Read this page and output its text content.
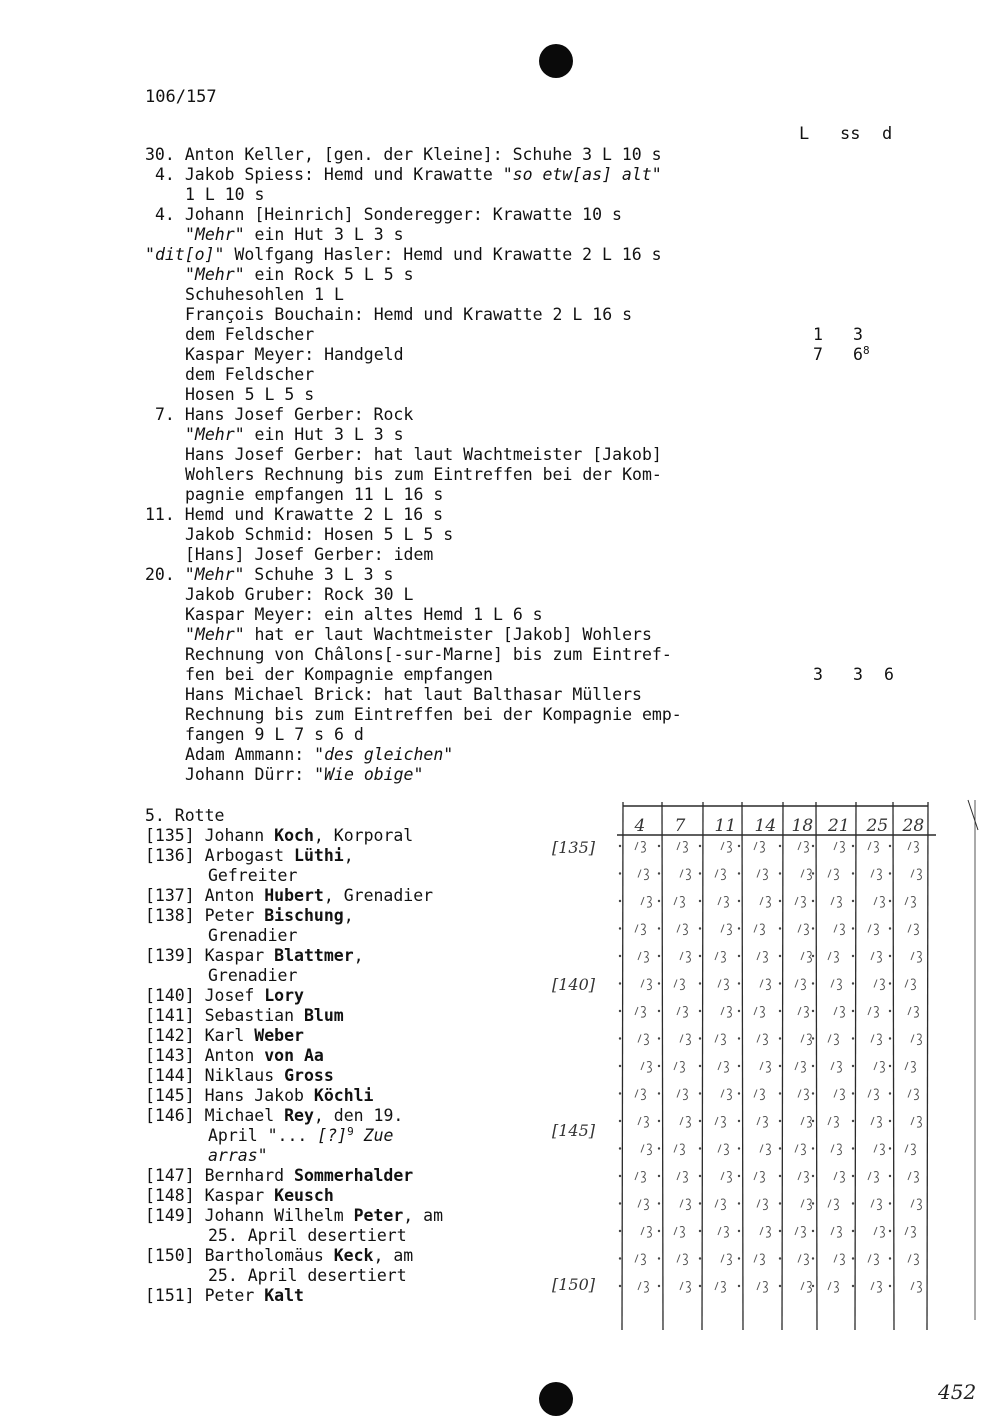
106/157
L ss d
30. Anton Keller, [gen. der Kleine]: Schuhe 3 L 10 s
4. Jakob Spiess: Hemd und Krawatte "so etw[as] alt"
1 L 10 s
4. Johann [Heinrich] Sonderegger: Krawatte 10 s
"Mehr" ein Hut 3 L 3 s
"dit[o]" Wolfgang Hasler: Hemd und Krawatte 2 L 16 s
"Mehr" ein Rock 5 L 5 s
Schuhesohlen 1 L
François Bouchain: Hemd und Krawatte 2 L 16 s
dem Feldscher
Kaspar Meyer: Handgeld
dem Feldscher
Hosen 5 L 5 s
7. Hans Josef Gerber: Rock
"Mehr" ein Hut 3 L 3 s
Hans Josef Gerber: hat laut Wachtmeister [Jakob]
Wohlers Rechnung bis zum Eintreffen bei der Kom-
pagnie empfangen 11 L 16 s
11. Hemd und Krawatte 2 L 16 s
Jakob Schmid: Hosen 5 L 5 s
[Hans] Josef Gerber: idem
20. "Mehr" Schuhe 3 L 3 s
Jakob Gruber: Rock 30 L
Kaspar Meyer: ein altes Hemd 1 L 6 s
"Mehr" hat er laut Wachtmeister [Jakob] Wohlers
Rechnung von Châlons[-sur-Marne] bis zum Eintref-
fen bei der Kompagnie empfangen
Hans Michael Brick: hat laut Balthasar Müllers
Rechnung bis zum Eintreffen bei der Kompagnie emp-
fangen 9 L 7 s 6 d
Adam Ammann: "des gleichen"
Johann Dürr: "Wie obige"
1 3
7 $6^8$
3 3 6
5. Rotte
[135] Johann Koch, Korporal
[136] Arbogast Lüthi,
Gefreiter
[137] Anton Hubert, Grenadier
[138] Peter Bischung,
Grenadier
[139] Kaspar Blattmer,
Grenadier
[140] Josef Lory
[141] Sebastian Blum
[142] Karl Weber
[143] Anton von Aa
[144] Niklaus Gross
[145] Hans Jakob Köchli
[146] Michael Rey, den 19.
April "... [?]$^9$ Zue
arras"
[147] Bernhard Sommerhalder
[148] Kaspar Keusch
[149] Johann Wilhelm Peter, am
25. April desertiert
[150] Bartholomäus Keck, am
25. April desertiert
[151] Peter Kalt
4 7 11 14 18 21 25 28
[135]
[140]
[145]
[150]
452
